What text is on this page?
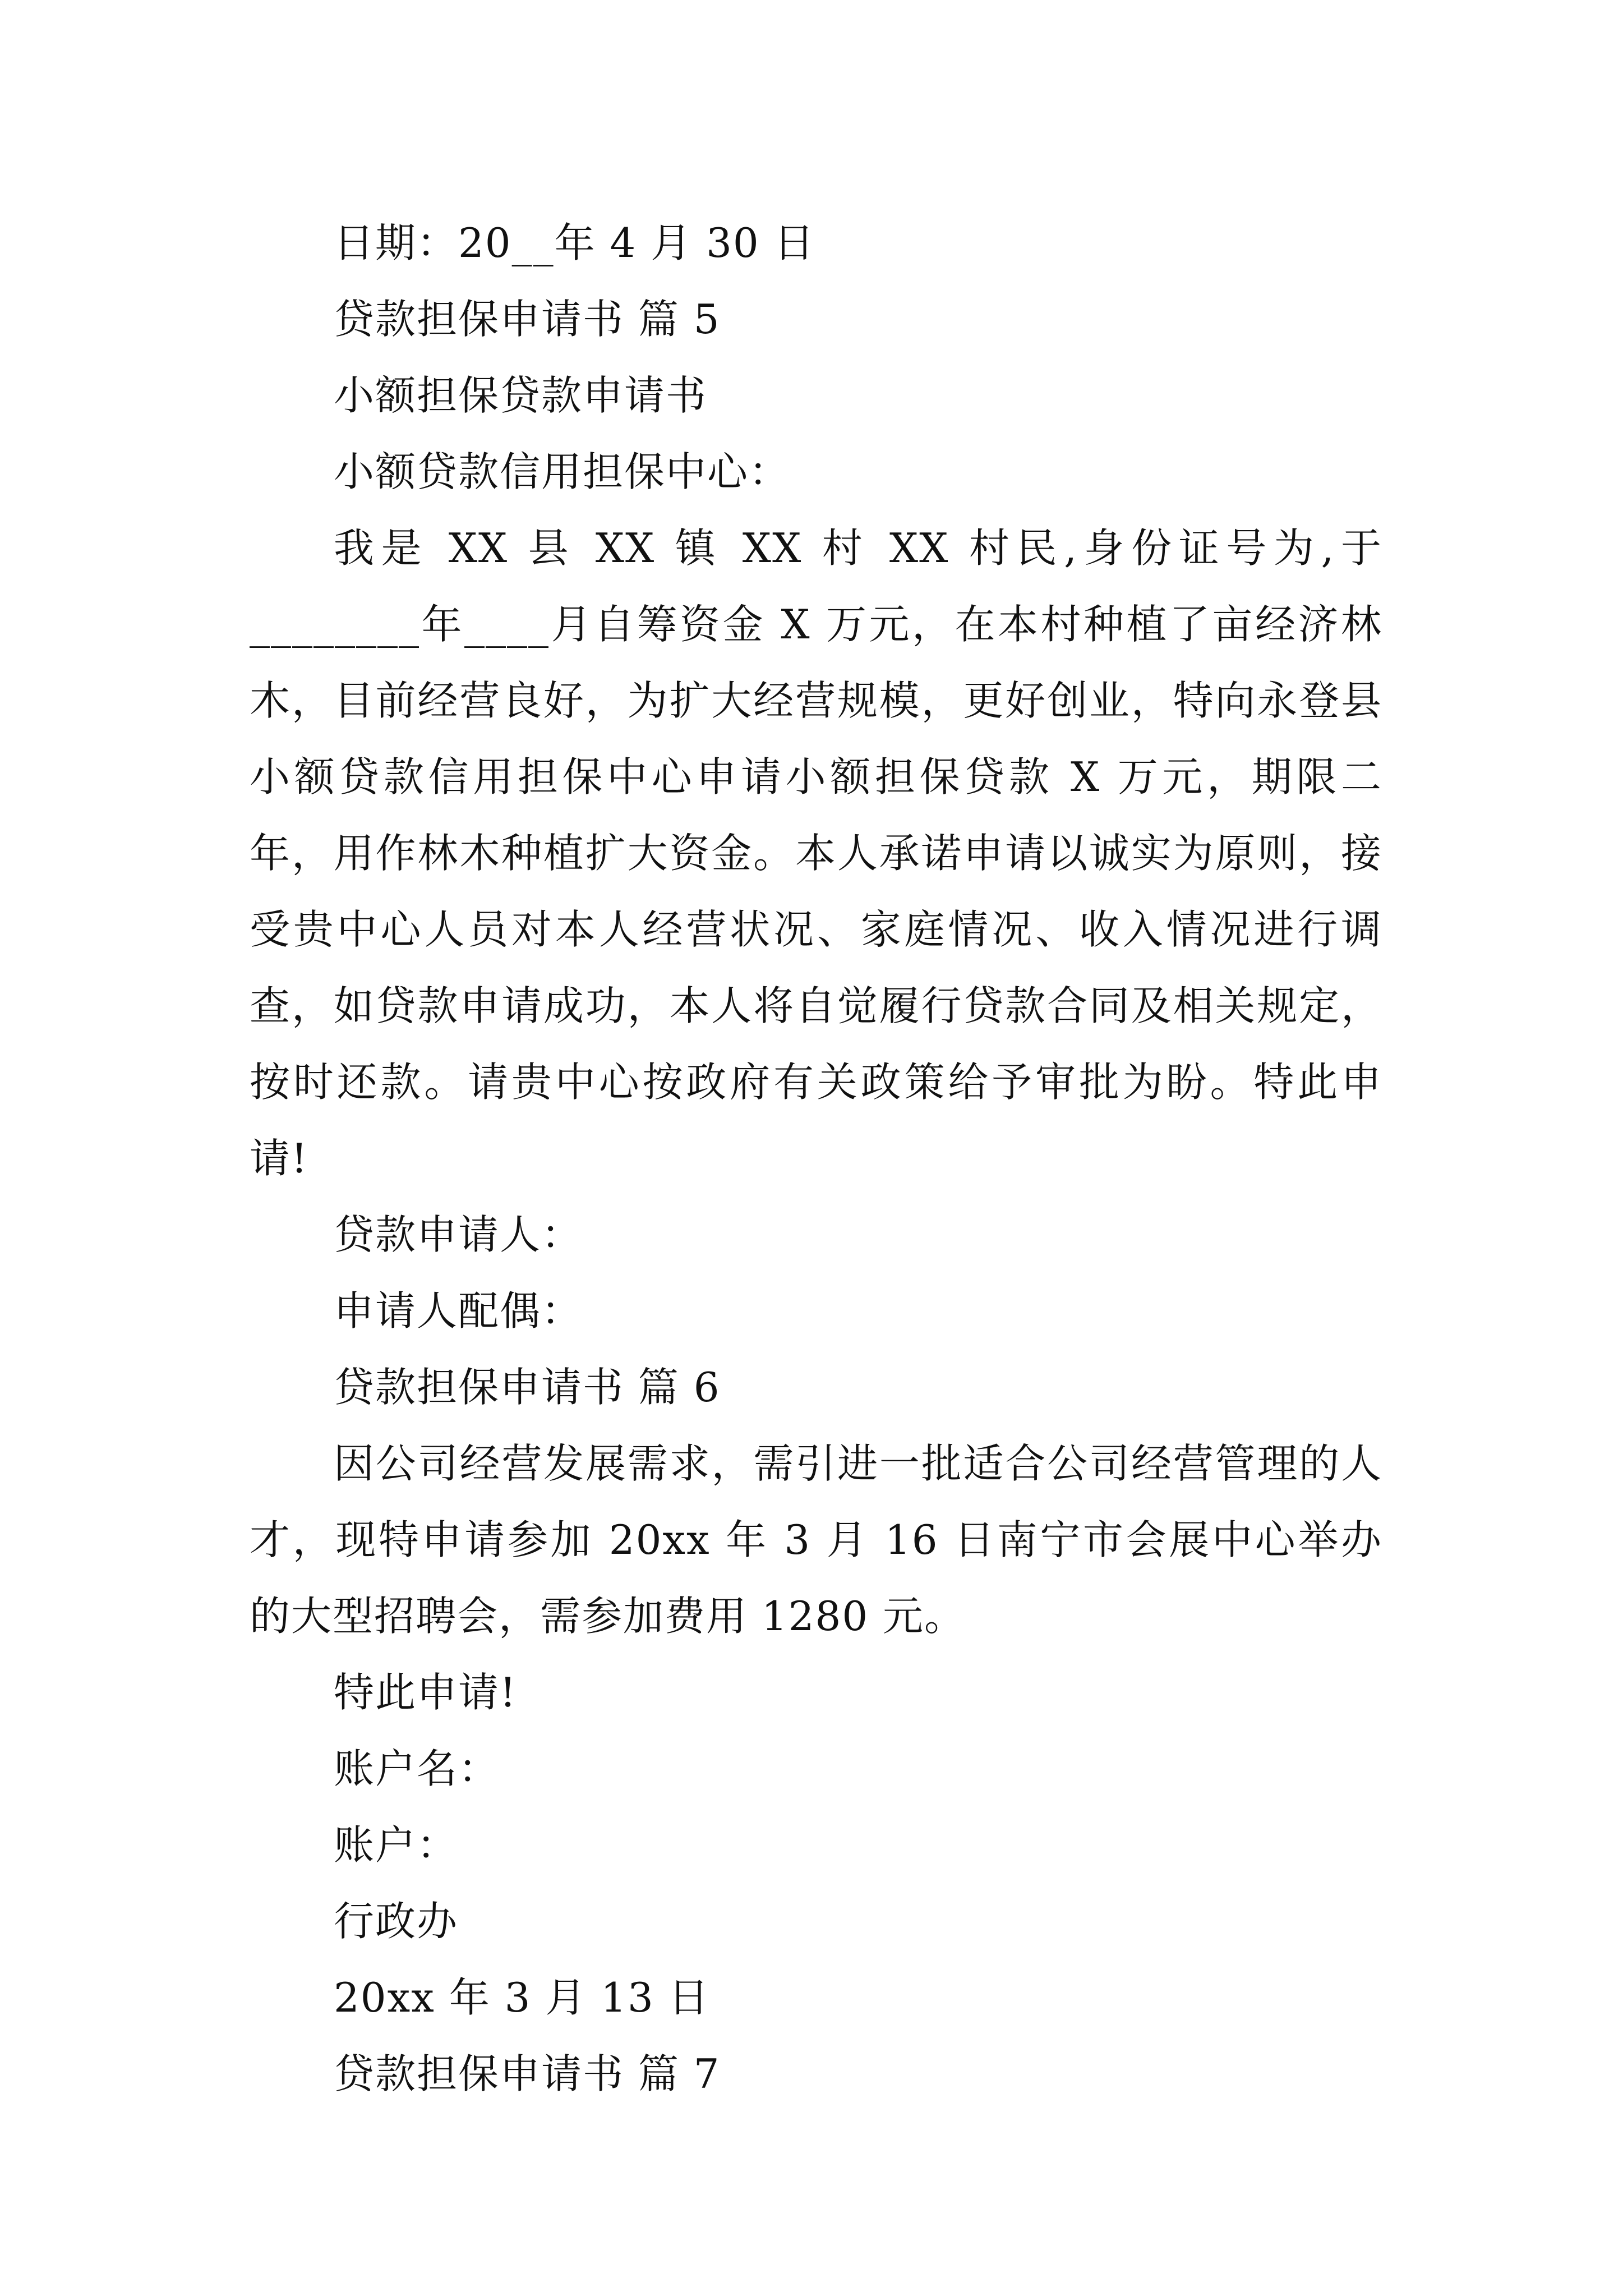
日期：20__年 4 月 30 日
贷款担保申请书 篇 5
小额担保贷款申请书
小额贷款信用担保中心：
我是 XX 县 XX 镇 XX 村 XX 村民,身份证号为,于________年____月自筹资金 X 万元，在本村种植了亩经济林木，目前经营良好，为扩大经营规模，更好创业，特向永登县小额贷款信用担保中心申请小额担保贷款 X 万元，期限二年，用作林木种植扩大资金。本人承诺申请以诚实为原则，接受贵中心人员对本人经营状况、家庭情况、收入情况进行调查，如贷款申请成功，本人将自觉履行贷款合同及相关规定，按时还款。请贵中心按政府有关政策给予审批为盼。特此申请!
贷款申请人：
申请人配偶：
贷款担保申请书 篇 6
因公司经营发展需求，需引进一批适合公司经营管理的人才，现特申请参加 20xx 年 3 月 16 日南宁市会展中心举办的大型招聘会，需参加费用 1280 元。
特此申请!
账户名：
账户：
行政办
20xx 年 3 月 13 日
贷款担保申请书 篇 7
